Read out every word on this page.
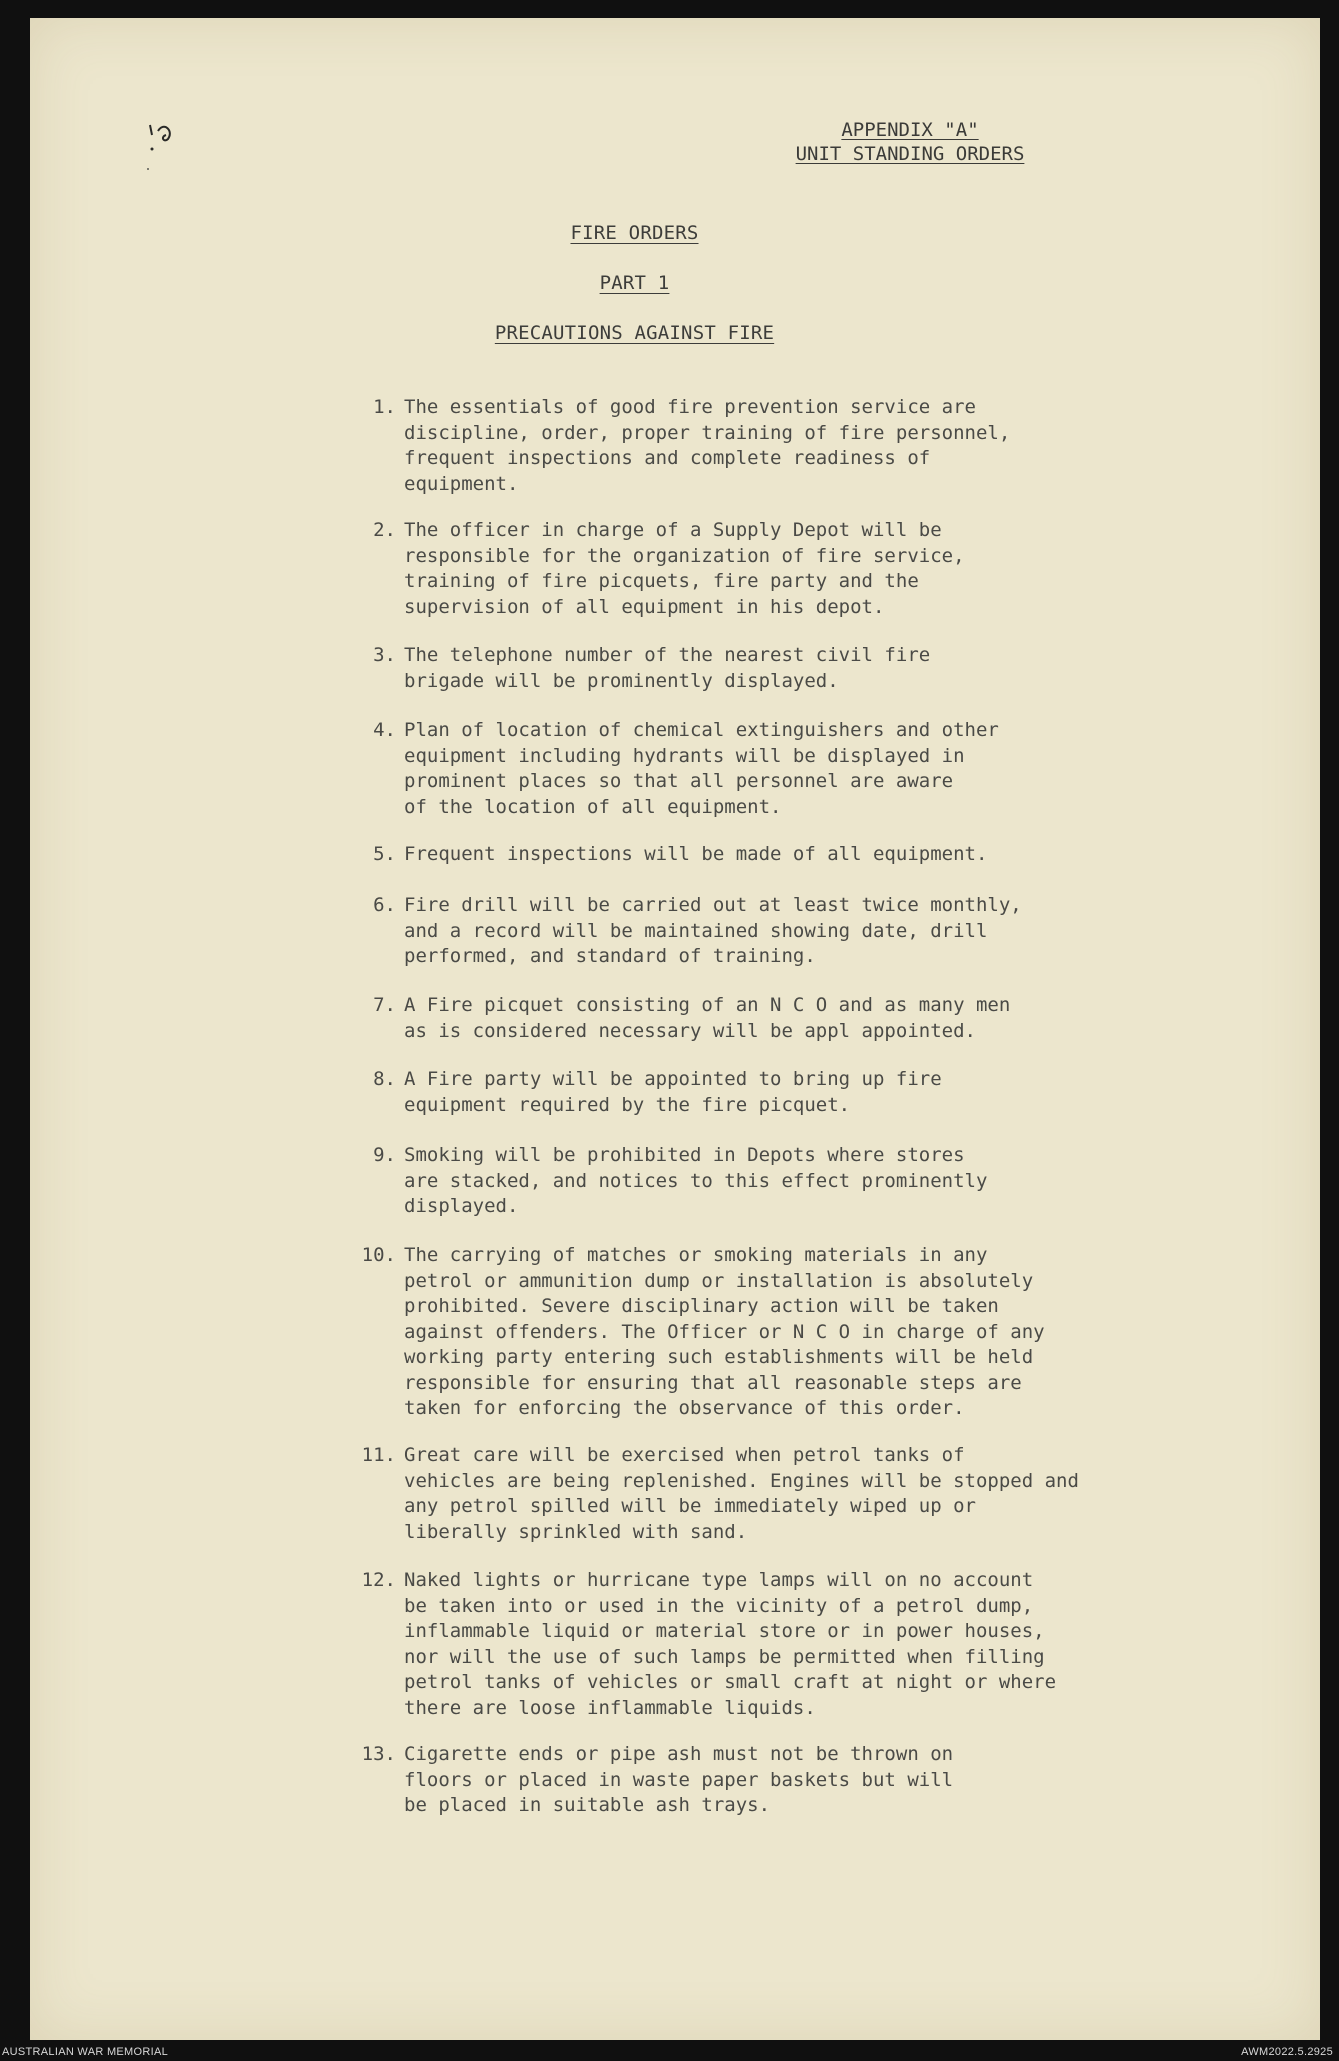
APPENDIX "A"
UNIT STANDING ORDERS
FIRE ORDERS
PART 1
PRECAUTIONS AGAINST FIRE
1. The essentials of good fire prevention service are
discipline, order, proper training of fire personnel,
frequent inspections and complete readiness of
equipment.
2. The officer in charge of a Supply Depot will be
responsible for the organization of fire service,
training of fire picquets, fire party and the
supervision of all equipment in his depot.
3. The telephone number of the nearest civil fire
brigade will be prominently displayed.
4. Plan of location of chemical extinguishers and other
equipment including hydrants will be displayed in
prominent places so that all personnel are aware
of the location of all equipment.
5. Frequent inspections will be made of all equipment.
6. Fire drill will be carried out at least twice monthly,
and a record will be maintained showing date, drill
performed, and standard of training.
7. A Fire picquet consisting of an N C O and as many men
as is considered necessary will be appl appointed.
8. A Fire party will be appointed to bring up fire
equipment required by the fire picquet.
9. Smoking will be prohibited in Depots where stores
are stacked, and notices to this effect prominently
displayed.
10. The carrying of matches or smoking materials in any
petrol or ammunition dump or installation is absolutely
prohibited. Severe disciplinary action will be taken
against offenders. The Officer or N C O in charge of any
working party entering such establishments will be held
responsible for ensuring that all reasonable steps are
taken for enforcing the observance of this order.
11. Great care will be exercised when petrol tanks of
vehicles are being replenished. Engines will be stopped and
any petrol spilled will be immediately wiped up or
liberally sprinkled with sand.
12. Naked lights or hurricane type lamps will on no account
be taken into or used in the vicinity of a petrol dump,
inflammable liquid or material store or in power houses,
nor will the use of such lamps be permitted when filling
petrol tanks of vehicles or small craft at night or where
there are loose inflammable liquids.
13. Cigarette ends or pipe ash must not be thrown on
floors or placed in waste paper baskets but will
be placed in suitable ash trays.
AUSTRALIAN WAR MEMORIAL	AWM2022.5.2925
